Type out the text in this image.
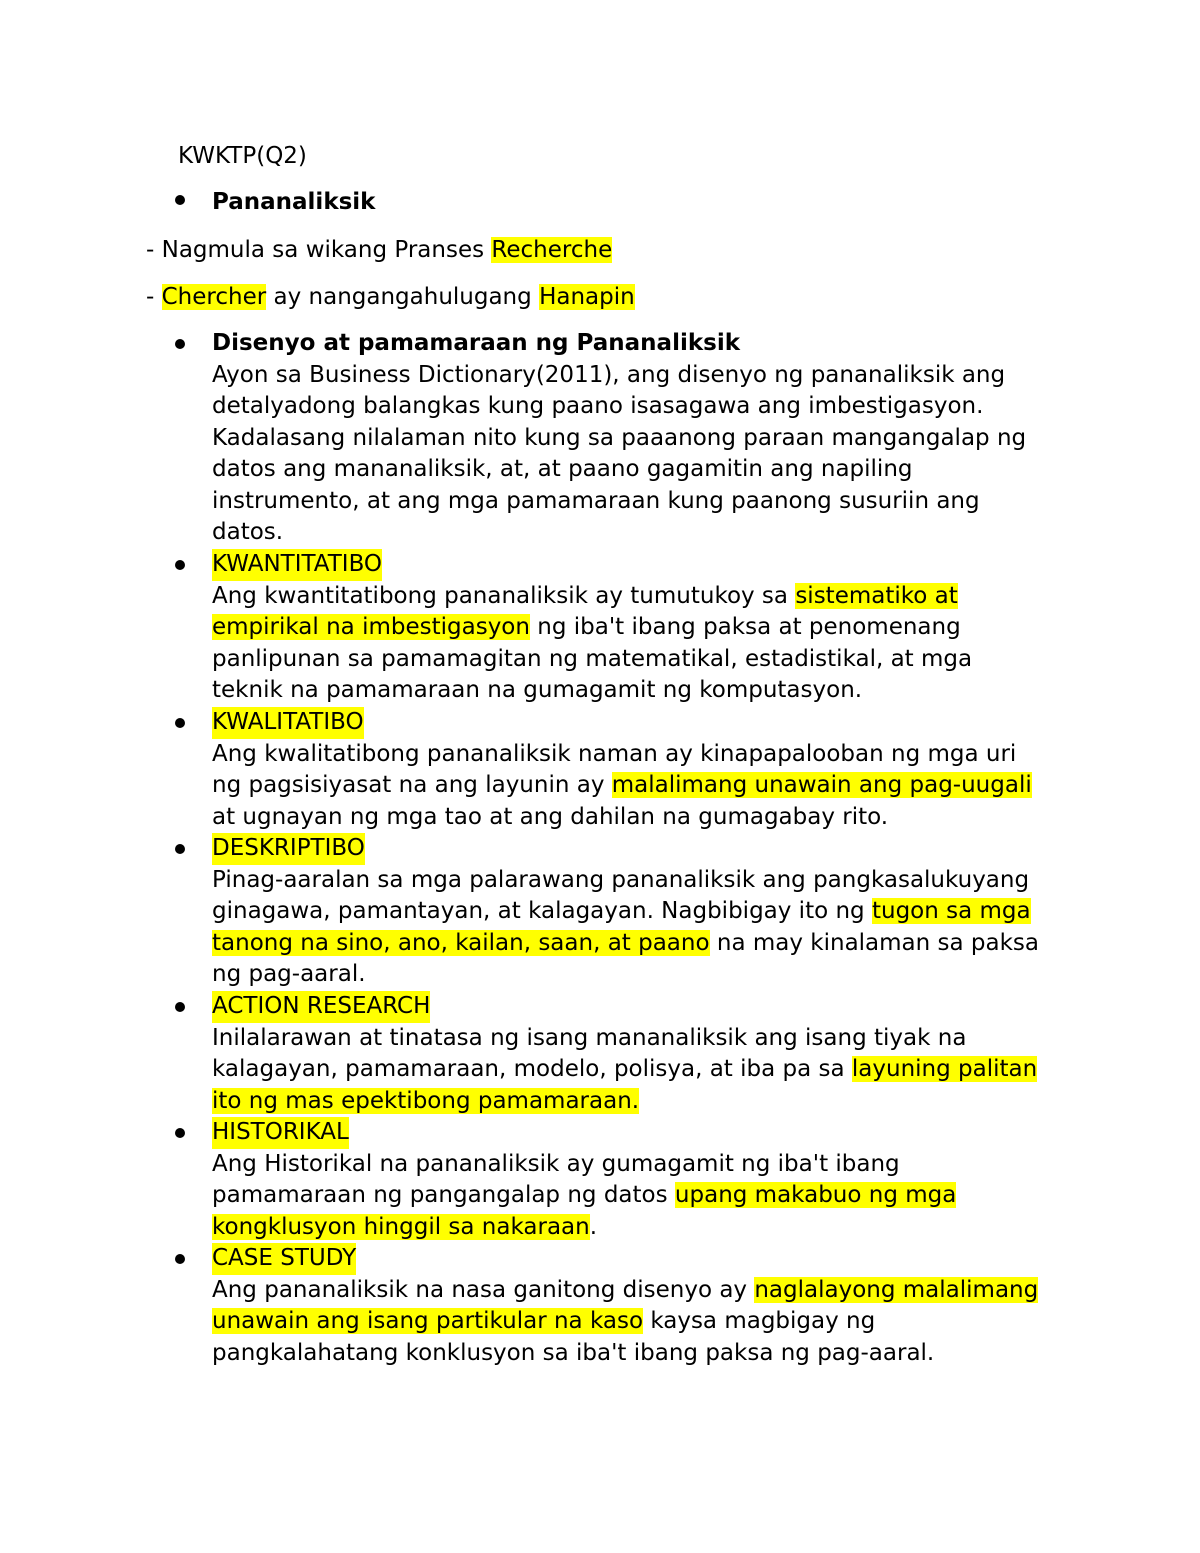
KWKTP(Q2)
Pananaliksik
- Nagmula sa wikang Pranses Recherche
- Chercher ay nangangahulugang Hanapin
Disenyo at pamamaraan ng Pananaliksik
Ayon sa Business Dictionary(2011), ang disenyo ng pananaliksik ang
detalyadong balangkas kung paano isasagawa ang imbestigasyon.
Kadalasang nilalaman nito kung sa paaanong paraan mangangalap ng
datos ang mananaliksik, at, at paano gagamitin ang napiling
instrumento, at ang mga pamamaraan kung paanong susuriin ang
datos.
KWANTITATIBO
Ang kwantitatibong pananaliksik ay tumutukoy sa sistematiko at
empirikal na imbestigasyon ng iba't ibang paksa at penomenang
panlipunan sa pamamagitan ng matematikal, estadistikal, at mga
teknik na pamamaraan na gumagamit ng komputasyon.
KWALITATIBO
Ang kwalitatibong pananaliksik naman ay kinapapalooban ng mga uri
ng pagsisiyasat na ang layunin ay malalimang unawain ang pag-uugali
at ugnayan ng mga tao at ang dahilan na gumagabay rito.
DESKRIPTIBO
Pinag-aaralan sa mga palarawang pananaliksik ang pangkasalukuyang
ginagawa, pamantayan, at kalagayan. Nagbibigay ito ng tugon sa mga
tanong na sino, ano, kailan, saan, at paano na may kinalaman sa paksa
ng pag-aaral.
ACTION RESEARCH
Inilalarawan at tinatasa ng isang mananaliksik ang isang tiyak na
kalagayan, pamamaraan, modelo, polisya, at iba pa sa layuning palitan
ito ng mas epektibong pamamaraan.
HISTORIKAL
Ang Historikal na pananaliksik ay gumagamit ng iba't ibang
pamamaraan ng pangangalap ng datos upang makabuo ng mga
kongklusyon hinggil sa nakaraan.
CASE STUDY
Ang pananaliksik na nasa ganitong disenyo ay naglalayong malalimang
unawain ang isang partikular na kaso kaysa magbigay ng
pangkalahatang konklusyon sa iba't ibang paksa ng pag-aaral.
